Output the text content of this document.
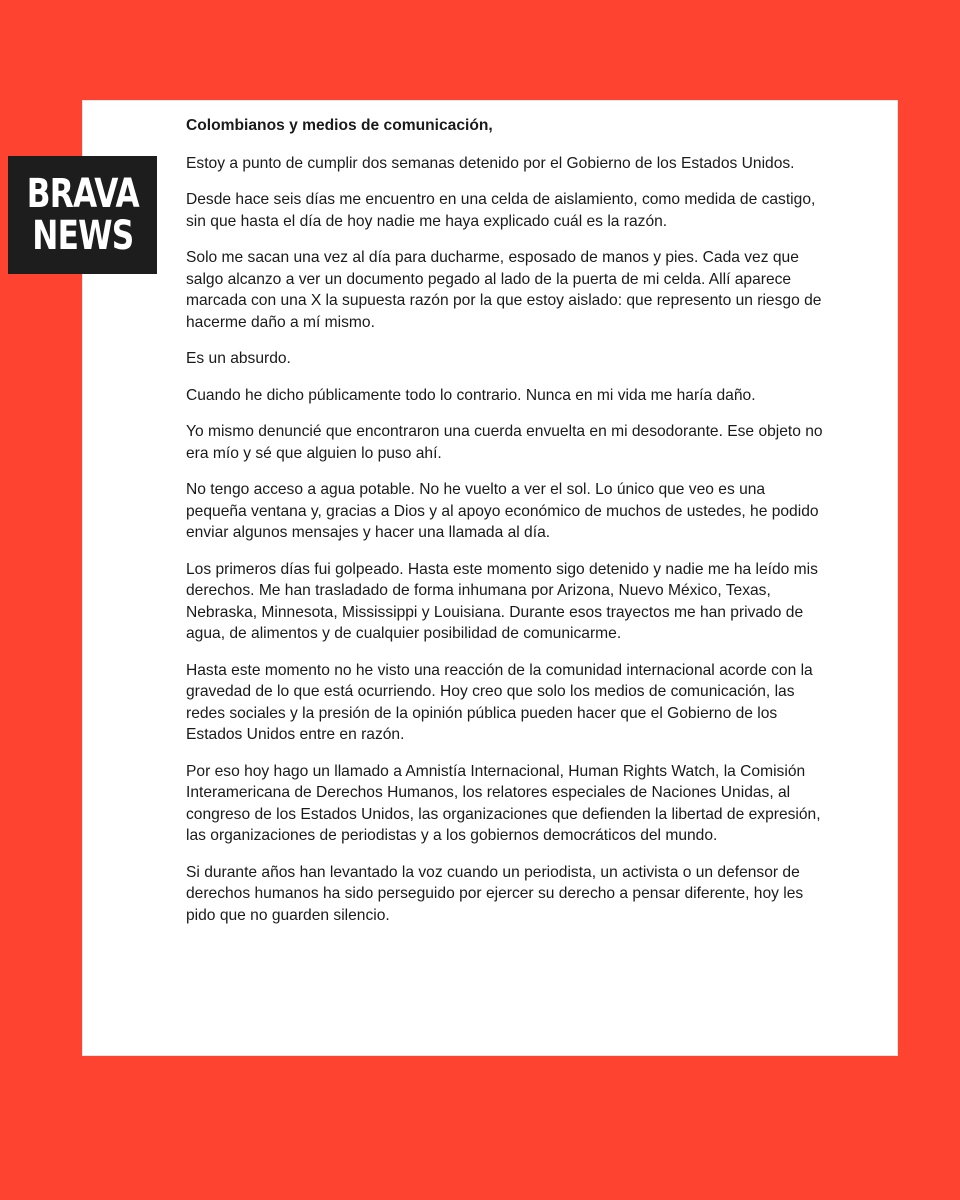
Colombianos y medios de comunicación,

Estoy a punto de cumplir dos semanas detenido por el Gobierno de los Estados Unidos.

Desde hace seis días me encuentro en una celda de aislamiento, como medida de castigo, sin que hasta el día de hoy nadie me haya explicado cuál es la razón.

Solo me sacan una vez al día para ducharme, esposado de manos y pies. Cada vez que salgo alcanzo a ver un documento pegado al lado de la puerta de mi celda. Allí aparece marcada con una X la supuesta razón por la que estoy aislado: que represento un riesgo de hacerme daño a mí mismo.

Es un absurdo.

Cuando he dicho públicamente todo lo contrario. Nunca en mi vida me haría daño.

Yo mismo denuncié que encontraron una cuerda envuelta en mi desodorante. Ese objeto no era mío y sé que alguien lo puso ahí.

No tengo acceso a agua potable. No he vuelto a ver el sol. Lo único que veo es una pequeña ventana y, gracias a Dios y al apoyo económico de muchos de ustedes, he podido enviar algunos mensajes y hacer una llamada al día.

Los primeros días fui golpeado. Hasta este momento sigo detenido y nadie me ha leído mis derechos. Me han trasladado de forma inhumana por Arizona, Nuevo México, Texas, Nebraska, Minnesota, Mississippi y Louisiana. Durante esos trayectos me han privado de agua, de alimentos y de cualquier posibilidad de comunicarme.

Hasta este momento no he visto una reacción de la comunidad internacional acorde con la gravedad de lo que está ocurriendo. Hoy creo que solo los medios de comunicación, las redes sociales y la presión de la opinión pública pueden hacer que el Gobierno de los Estados Unidos entre en razón.

Por eso hoy hago un llamado a Amnistía Internacional, Human Rights Watch, la Comisión Interamericana de Derechos Humanos, los relatores especiales de Naciones Unidas, al congreso de los Estados Unidos, las organizaciones que defienden la libertad de expresión, las organizaciones de periodistas y a los gobiernos democráticos del mundo.

Si durante años han levantado la voz cuando un periodista, un activista o un defensor de derechos humanos ha sido perseguido por ejercer su derecho a pensar diferente, hoy les pido que no guarden silencio.

BRAVA
NEWS
